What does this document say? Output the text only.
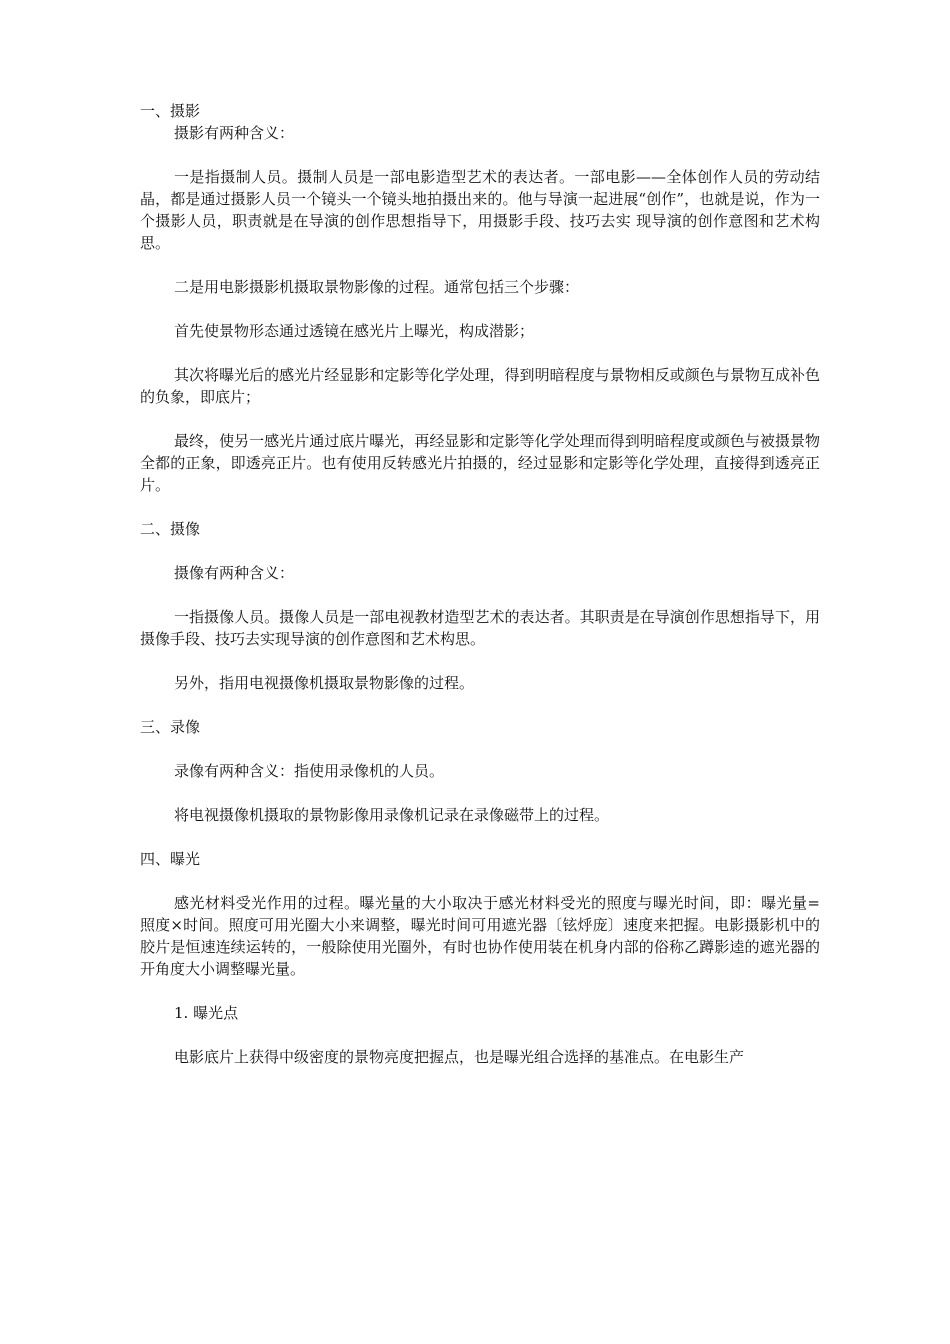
一、摄影

摄影有两种含义：

一是指摄制人员。摄制人员是一部电影造型艺术的表达者。一部电影——全体创作人员的劳动结晶，都是通过摄影人员一个镜头一个镜头地拍摄出来的。他与导演一起进展“创作”，也就是说，作为一个摄影人员，职责就是在导演的创作思想指导下，用摄影手段、技巧去实 现导演的创作意图和艺术构思。

二是用电影摄影机摄取景物影像的过程。通常包括三个步骤：

首先使景物形态通过透镜在感光片上曝光，构成潜影；

其次将曝光后的感光片经显影和定影等化学处理，得到明暗程度与景物相反或颜色与景物互成补色的负象，即底片；

最终，使另一感光片通过底片曝光，再经显影和定影等化学处理而得到明暗程度或颜色与被摄景物全都的正象，即透亮正片。也有使用反转感光片拍摄的，经过显影和定影等化学处理，直接得到透亮正片。

二、摄像

摄像有两种含义：

一指摄像人员。摄像人员是一部电视教材造型艺术的表达者。其职责是在导演创作思想指导下，用摄像手段、技巧去实现导演的创作意图和艺术构思。

另外，指用电视摄像机摄取景物影像的过程。

三、录像

录像有两种含义：指使用录像机的人员。

将电视摄像机摄取的景物影像用录像机记录在录像磁带上的过程。

四、曝光

感光材料受光作用的过程。曝光量的大小取决于感光材料受光的照度与曝光时间，即：曝光量= 照度×时间。照度可用光圈大小来调整，曝光时间可用遮光器〔铉烀庞〕速度来把握。电影摄影机中的胶片是恒速连续运转的，一般除使用光圈外，有时也协作使用装在机身内部的俗称乙蹲影逵的遮光器的开角度大小调整曝光量。

1. 曝光点

电影底片上获得中级密度的景物亮度把握点，也是曝光组合选择的基准点。在电影生产
